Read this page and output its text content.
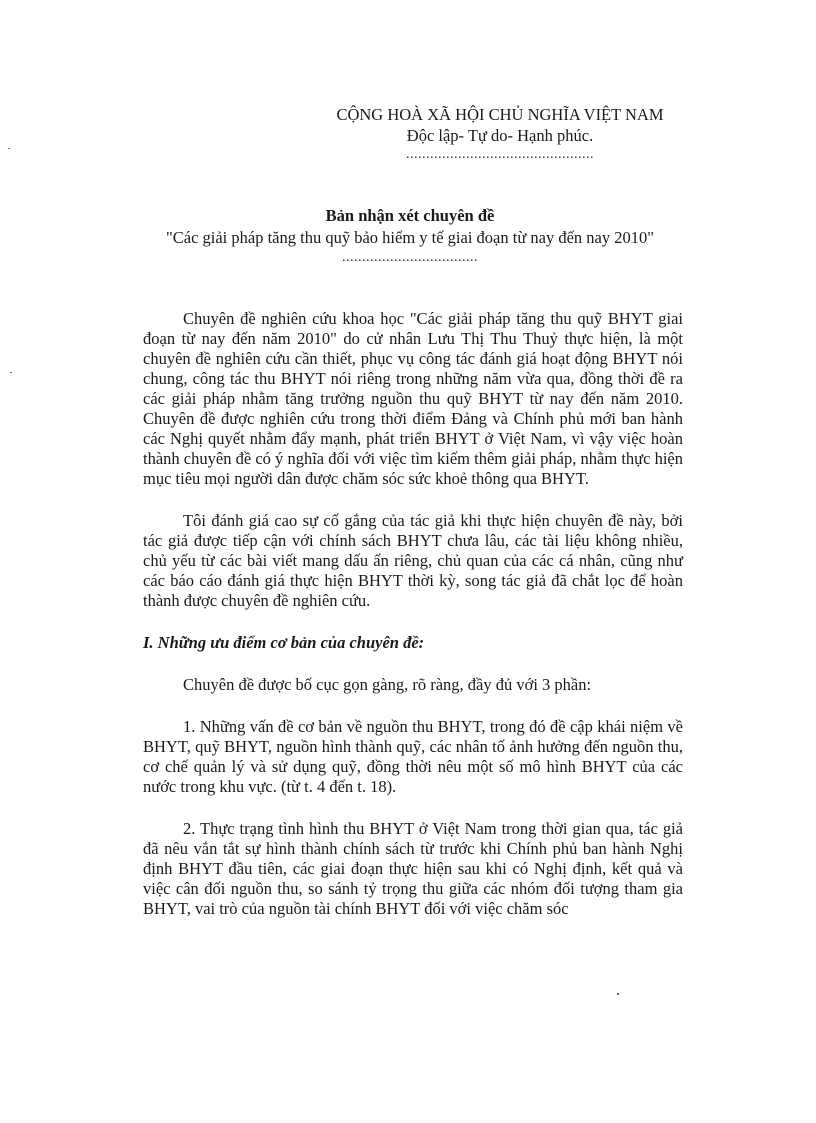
CỘNG HOÀ XÃ HỘI CHỦ NGHĨA VIỆT NAM
Độc lập- Tự do- Hạnh phúc.
...............................................
Bản nhận xét chuyên đề
"Các giải pháp tăng thu quỹ bảo hiểm y tế giai đoạn từ nay đến nay 2010"
..................................

Chuyên đề nghiên cứu khoa học "Các giải pháp tăng thu quỹ BHYT giai đoạn từ nay đến năm 2010" do cử nhân Lưu Thị Thu Thuỷ thực hiện, là một chuyên đề nghiên cứu cần thiết, phục vụ công tác đánh giá hoạt động BHYT nói chung, công tác thu BHYT nói riêng trong những năm vừa qua, đồng thời đề ra các giải pháp nhằm tăng trưởng nguồn thu quỹ BHYT từ nay đến năm 2010. Chuyên đề được nghiên cứu trong thời điểm Đảng và Chính phủ mới ban hành các Nghị quyết nhằm đẩy mạnh, phát triển BHYT ở Việt Nam, vì vậy việc hoàn thành chuyên đề có ý nghĩa đối với việc tìm kiếm thêm giải pháp, nhằm thực hiện mục tiêu mọi người dân được chăm sóc sức khoẻ thông qua BHYT.

Tôi đánh giá cao sự cố gắng của tác giả khi thực hiện chuyên đề này, bởi tác giả được tiếp cận với chính sách BHYT chưa lâu, các tài liệu không nhiều, chủ yếu từ các bài viết mang dấu ấn riêng, chủ quan của các cá nhân, cũng như các báo cáo đánh giá thực hiện BHYT thời kỳ, song tác giả đã chắt lọc để hoàn thành được chuyên đề nghiên cứu.

I. Những ưu điểm cơ bản của chuyên đề:

Chuyên đề được bố cục gọn gàng, rõ ràng, đầy đủ với 3 phần:

1. Những vấn đề cơ bản về nguồn thu BHYT, trong đó đề cập khái niệm về BHYT, quỹ BHYT, nguồn hình thành quỹ, các nhân tố ảnh hưởng đến nguồn thu, cơ chế quản lý và sử dụng quỹ, đồng thời nêu một số mô hình BHYT của các nước trong khu vực. (từ t. 4 đến t. 18).

2. Thực trạng tình hình thu BHYT ở Việt Nam trong thời gian qua, tác giả đã nêu vắn tắt sự hình thành chính sách từ trước khi Chính phủ ban hành Nghị định BHYT đầu tiên, các giai đoạn thực hiện sau khi có Nghị định, kết quả và việc cân đối nguồn thu, so sánh tỷ trọng thu giữa các nhóm đối tượng tham gia BHYT, vai trò của nguồn tài chính BHYT đối với việc chăm sóc
